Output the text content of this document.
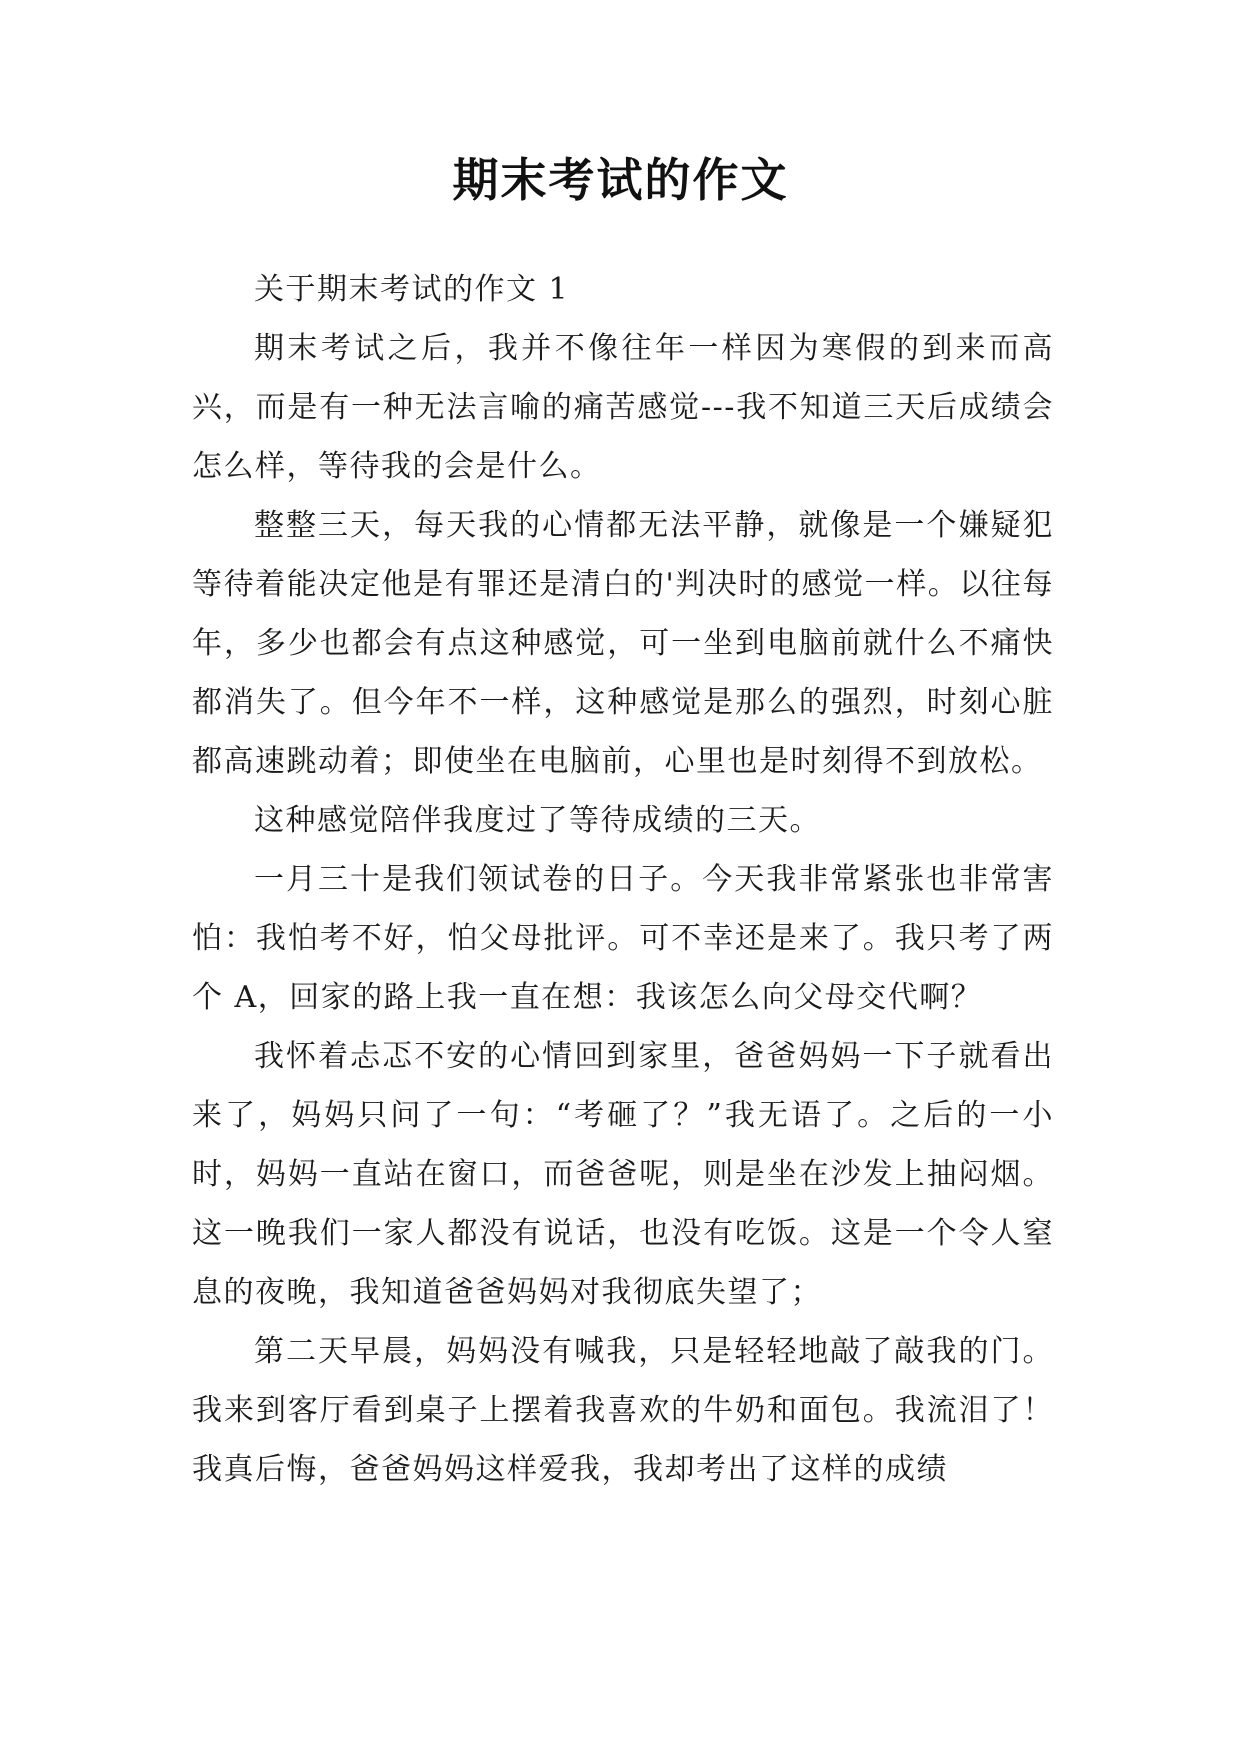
期末考试的作文

关于期末考试的作文 1

期末考试之后，我并不像往年一样因为寒假的到来而高兴，而是有一种无法言喻的痛苦感觉---我不知道三天后成绩会怎么样，等待我的会是什么。

整整三天，每天我的心情都无法平静，就像是一个嫌疑犯等待着能决定他是有罪还是清白的'判决时的感觉一样。以往每年，多少也都会有点这种感觉，可一坐到电脑前就什么不痛快都消失了。但今年不一样，这种感觉是那么的强烈，时刻心脏都高速跳动着；即使坐在电脑前，心里也是时刻得不到放松。

这种感觉陪伴我度过了等待成绩的三天。

一月三十是我们领试卷的日子。今天我非常紧张也非常害怕：我怕考不好，怕父母批评。可不幸还是来了。我只考了两个 A，回家的路上我一直在想：我该怎么向父母交代啊？

我怀着忐忑不安的心情回到家里，爸爸妈妈一下子就看出来了，妈妈只问了一句：“考砸了？”我无语了。之后的一小时，妈妈一直站在窗口，而爸爸呢，则是坐在沙发上抽闷烟。这一晚我们一家人都没有说话，也没有吃饭。这是一个令人窒息的夜晚，我知道爸爸妈妈对我彻底失望了；

第二天早晨，妈妈没有喊我，只是轻轻地敲了敲我的门。我来到客厅看到桌子上摆着我喜欢的牛奶和面包。我流泪了！我真后悔，爸爸妈妈这样爱我，我却考出了这样的成绩
